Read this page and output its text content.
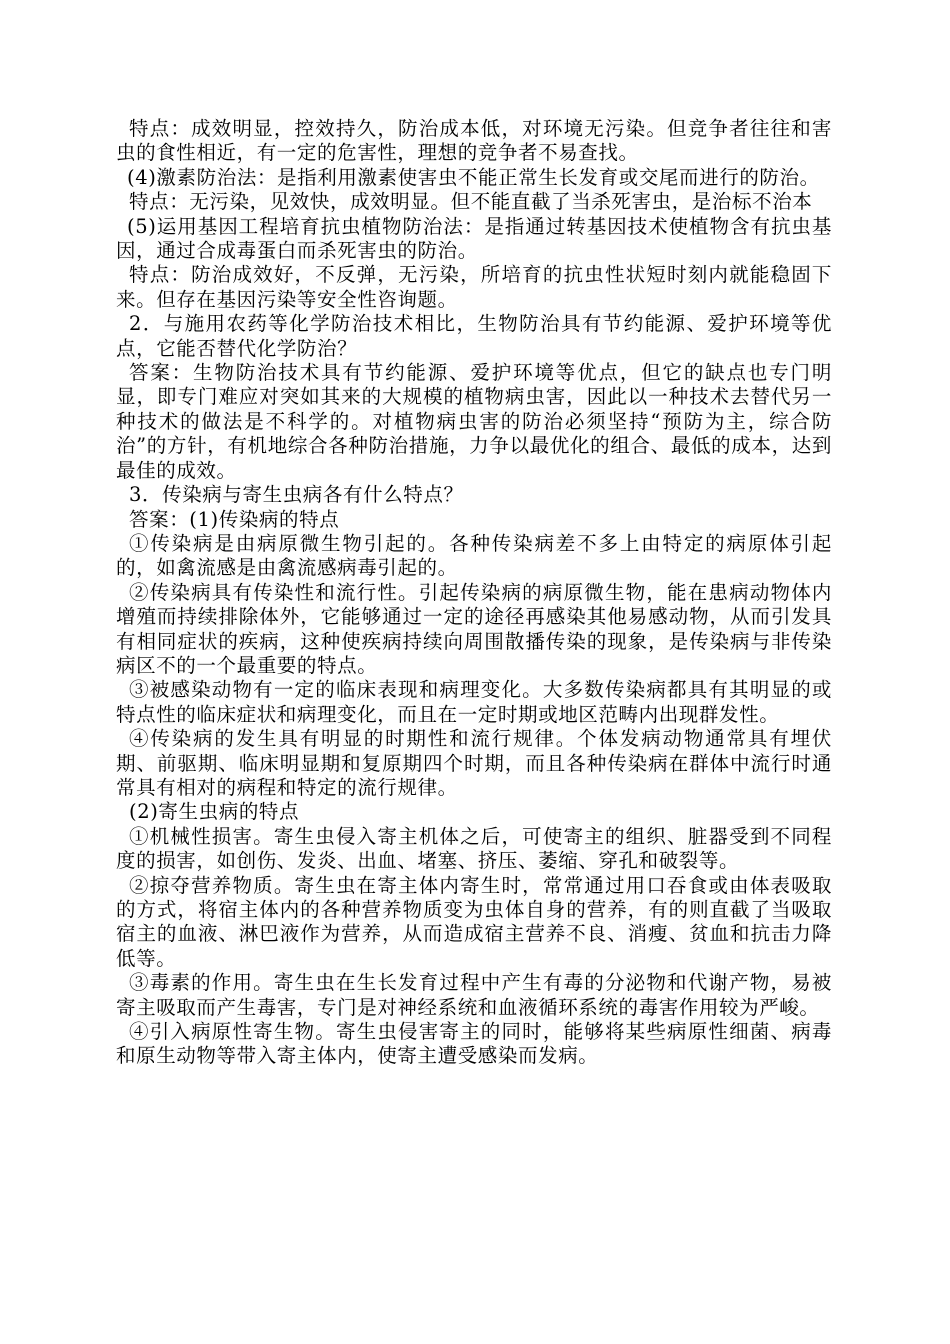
特点：成效明显，控效持久，防治成本低，对环境无污染。但竞争者往往和害虫的食性相近，有一定的危害性，理想的竞争者不易查找。

(4)激素防治法：是指利用激素使害虫不能正常生长发育或交尾而进行的防治。

特点：无污染，见效快，成效明显。但不能直截了当杀死害虫，是治标不治本

(5)运用基因工程培育抗虫植物防治法：是指通过转基因技术使植物含有抗虫基因，通过合成毒蛋白而杀死害虫的防治。

特点：防治成效好，不反弹，无污染，所培育的抗虫性状短时刻内就能稳固下来。但存在基因污染等安全性咨询题。

2．与施用农药等化学防治技术相比，生物防治具有节约能源、爱护环境等优点，它能否替代化学防治？

答案：生物防治技术具有节约能源、爱护环境等优点，但它的缺点也专门明显，即专门难应对突如其来的大规模的植物病虫害，因此以一种技术去替代另一种技术的做法是不科学的。对植物病虫害的防治必须坚持“预防为主，综合防治”的方针，有机地综合各种防治措施，力争以最优化的组合、最低的成本，达到最佳的成效。

3．传染病与寄生虫病各有什么特点？

答案：(1)传染病的特点

①传染病是由病原微生物引起的。各种传染病差不多上由特定的病原体引起的，如禽流感是由禽流感病毒引起的。

②传染病具有传染性和流行性。引起传染病的病原微生物，能在患病动物体内增殖而持续排除体外，它能够通过一定的途径再感染其他易感动物，从而引发具有相同症状的疾病，这种使疾病持续向周围散播传染的现象，是传染病与非传染病区不的一个最重要的特点。

③被感染动物有一定的临床表现和病理变化。大多数传染病都具有其明显的或特点性的临床症状和病理变化，而且在一定时期或地区范畴内出现群发性。

④传染病的发生具有明显的时期性和流行规律。个体发病动物通常具有埋伏期、前驱期、临床明显期和复原期四个时期，而且各种传染病在群体中流行时通常具有相对的病程和特定的流行规律。

(2)寄生虫病的特点

①机械性损害。寄生虫侵入寄主机体之后，可使寄主的组织、脏器受到不同程度的损害，如创伤、发炎、出血、堵塞、挤压、萎缩、穿孔和破裂等。

②掠夺营养物质。寄生虫在寄主体内寄生时，常常通过用口吞食或由体表吸取的方式，将宿主体内的各种营养物质变为虫体自身的营养，有的则直截了当吸取宿主的血液、淋巴液作为营养，从而造成宿主营养不良、消瘦、贫血和抗击力降低等。

③毒素的作用。寄生虫在生长发育过程中产生有毒的分泌物和代谢产物，易被寄主吸取而产生毒害，专门是对神经系统和血液循环系统的毒害作用较为严峻。

④引入病原性寄生物。寄生虫侵害寄主的同时，能够将某些病原性细菌、病毒和原生动物等带入寄主体内，使寄主遭受感染而发病。
